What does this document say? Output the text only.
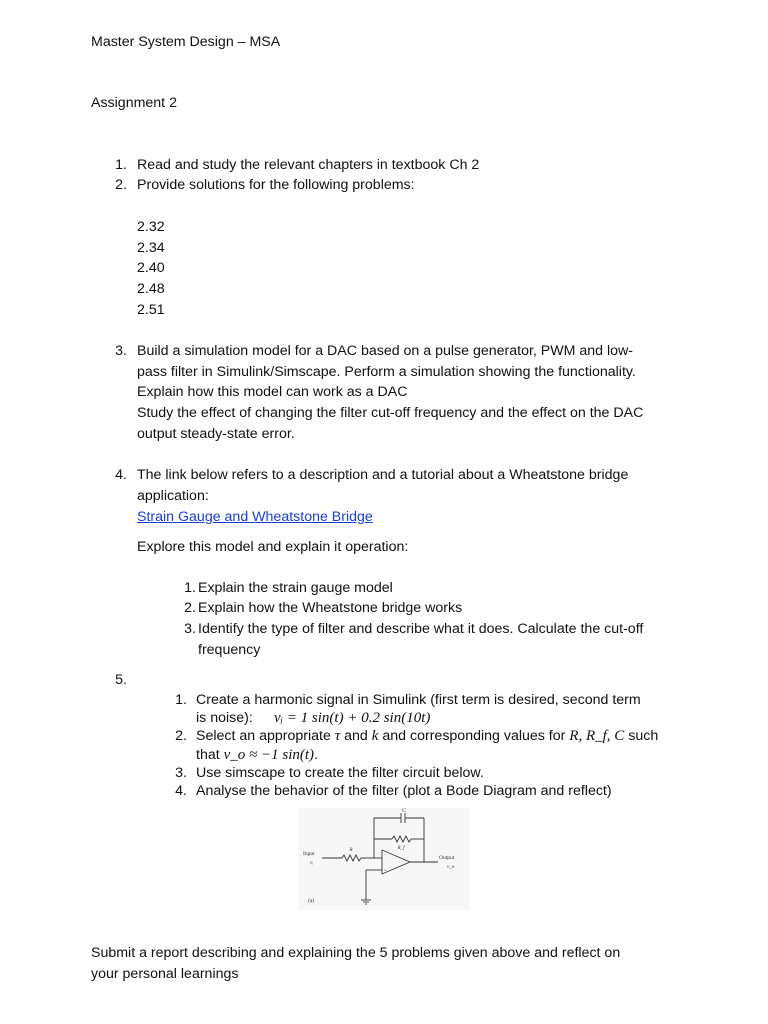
Master System Design – MSA
Assignment 2
1. Read and study the relevant chapters in textbook Ch 2
2. Provide solutions for the following problems:
2.32
2.34
2.40
2.48
2.51
3. Build a simulation model for a DAC based on a pulse generator, PWM and low-
pass filter in Simulink/Simscape. Perform a simulation showing the functionality.
Explain how this model can work as a DAC
Study the effect of changing the filter cut-off frequency and the effect on the DAC
output steady-state error.
4. The link below refers to a description and a tutorial about a Wheatstone bridge
application:
Strain Gauge and Wheatstone Bridge
Explore this model and explain it operation:
1. Explain the strain gauge model
2. Explain how the Wheatstone bridge works
3. Identify the type of filter and describe what it does. Calculate the cut-off
frequency
5.
1. Create a harmonic signal in Simulink (first term is desired, second term
is noise): vᵢ = 1 sin(t) + 0.2 sin(10t)
2. Select an appropriate τ and k and corresponding values for R, R_f, C such
that v_o ≈ −1 sin(t).
3. Use simscape to create the filter circuit below.
4. Analyse the behavior of the filter (plot a Bode Diagram and reflect)
−
+
C
R_f
R
Input
vᵢ
Output
v_o
(a)
Submit a report describing and explaining the 5 problems given above and reflect on
your personal learnings
